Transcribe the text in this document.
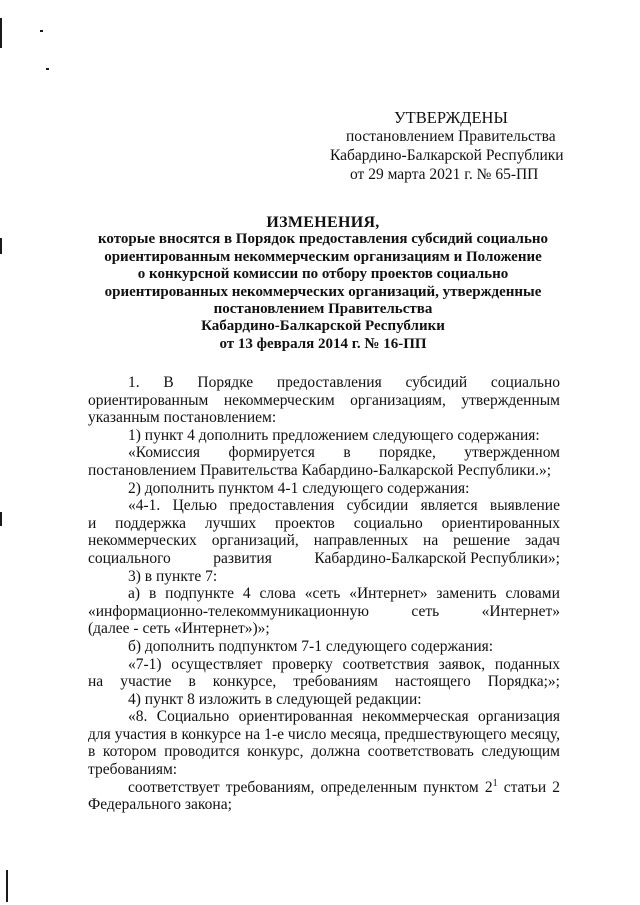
УТВЕРЖДЕНЫ
постановлением Правительства
Кабардино-Балкарской Республики
от 29 марта 2021 г. № 65-ПП
ИЗМЕНЕНИЯ,
которые вносятся в Порядок предоставления субсидий социально
ориентированным некоммерческим организациям и Положение
о конкурсной комиссии по отбору проектов социально
ориентированных некоммерческих организаций, утвержденные
постановлением Правительства
Кабардино-Балкарской Республики
от 13 февраля 2014 г. № 16-ПП
1. В Порядке предоставления субсидий социально
ориентированным некоммерческим организациям, утвержденным
указанным постановлением:
1) пункт 4 дополнить предложением следующего содержания:
«Комиссия формируется в порядке, утвержденном
постановлением Правительства Кабардино-Балкарской Республики.»;
2) дополнить пунктом 4-1 следующего содержания:
«4-1. Целью предоставления субсидии является выявление
и поддержка лучших проектов социально ориентированных
некоммерческих организаций, направленных на решение задач
социального	развития	Кабардино-Балкарской Республики»;
3) в пункте 7:
а) в подпункте 4 слова «сеть «Интернет» заменить словами
«информационно-телекоммуникационную	сеть	«Интернет»
(далее - сеть «Интернет»)»;
б) дополнить подпунктом 7-1 следующего содержания:
«7-1) осуществляет проверку соответствия заявок, поданных
на участие в конкурсе, требованиям настоящего Порядка;»;
4) пункт 8 изложить в следующей редакции:

«8. Социально ориентированная некоммерческая организация для участия в конкурсе на 1-е число месяца, предшествующего месяцу, в котором проводится конкурс, должна соответствовать следующим требованиям:

соответствует требованиям, определенным пунктом $2^1$ статьи 2 Федерального закона;
